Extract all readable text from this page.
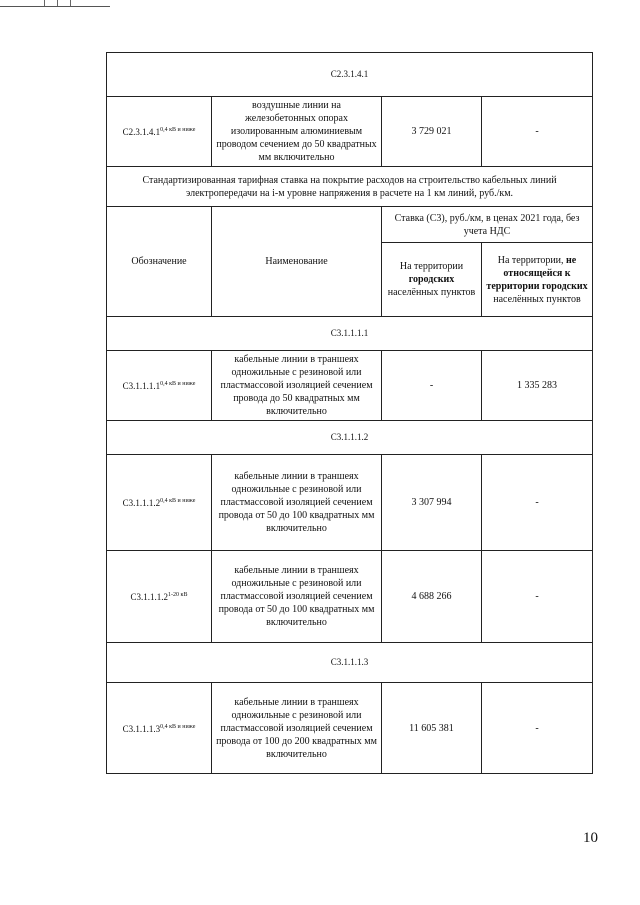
С2.3.1.4.1			
$С2.3.1.4.1^{0,4 кВ и ниже}$	воздушные линии на железобетонных опорах изолированным алюминиевым проводом сечением до 50 квадратных мм включительно	3 729 021	-
Стандартизированная тарифная ставка на покрытие расходов на строительство кабельных линий электропередачи на i-м уровне напряжения в расчете на 1 км линий, руб./км.			
Обозначение	Наименование	Ставка (С3), руб./км, в ценах 2021 года, без учета НДС	
		На территории городских населённых пунктов	На территории, не относящейся к территории городских населённых пунктов
С3.1.1.1.1			
$С3.1.1.1.1^{0,4 кВ и ниже}$	кабельные линии в траншеях одножильные с резиновой или пластмассовой изоляцией сечением провода до 50 квадратных мм включительно	-	1 335 283
С3.1.1.1.2			
$С3.1.1.1.2^{0,4 кВ и ниже}$	кабельные линии в траншеях одножильные с резиновой или пластмассовой изоляцией сечением провода от 50 до 100 квадратных мм включительно	3 307 994	-
$С3.1.1.1.2^{1-20 кВ}$	кабельные линии в траншеях одножильные с резиновой или пластмассовой изоляцией сечением провода от 50 до 100 квадратных мм включительно	4 688 266	-
С3.1.1.1.3			
$С3.1.1.1.3^{0,4 кВ и ниже}$	кабельные линии в траншеях одножильные с резиновой или пластмассовой изоляцией сечением провода от 100 до 200 квадратных мм включительно	11 605 381	-
10
